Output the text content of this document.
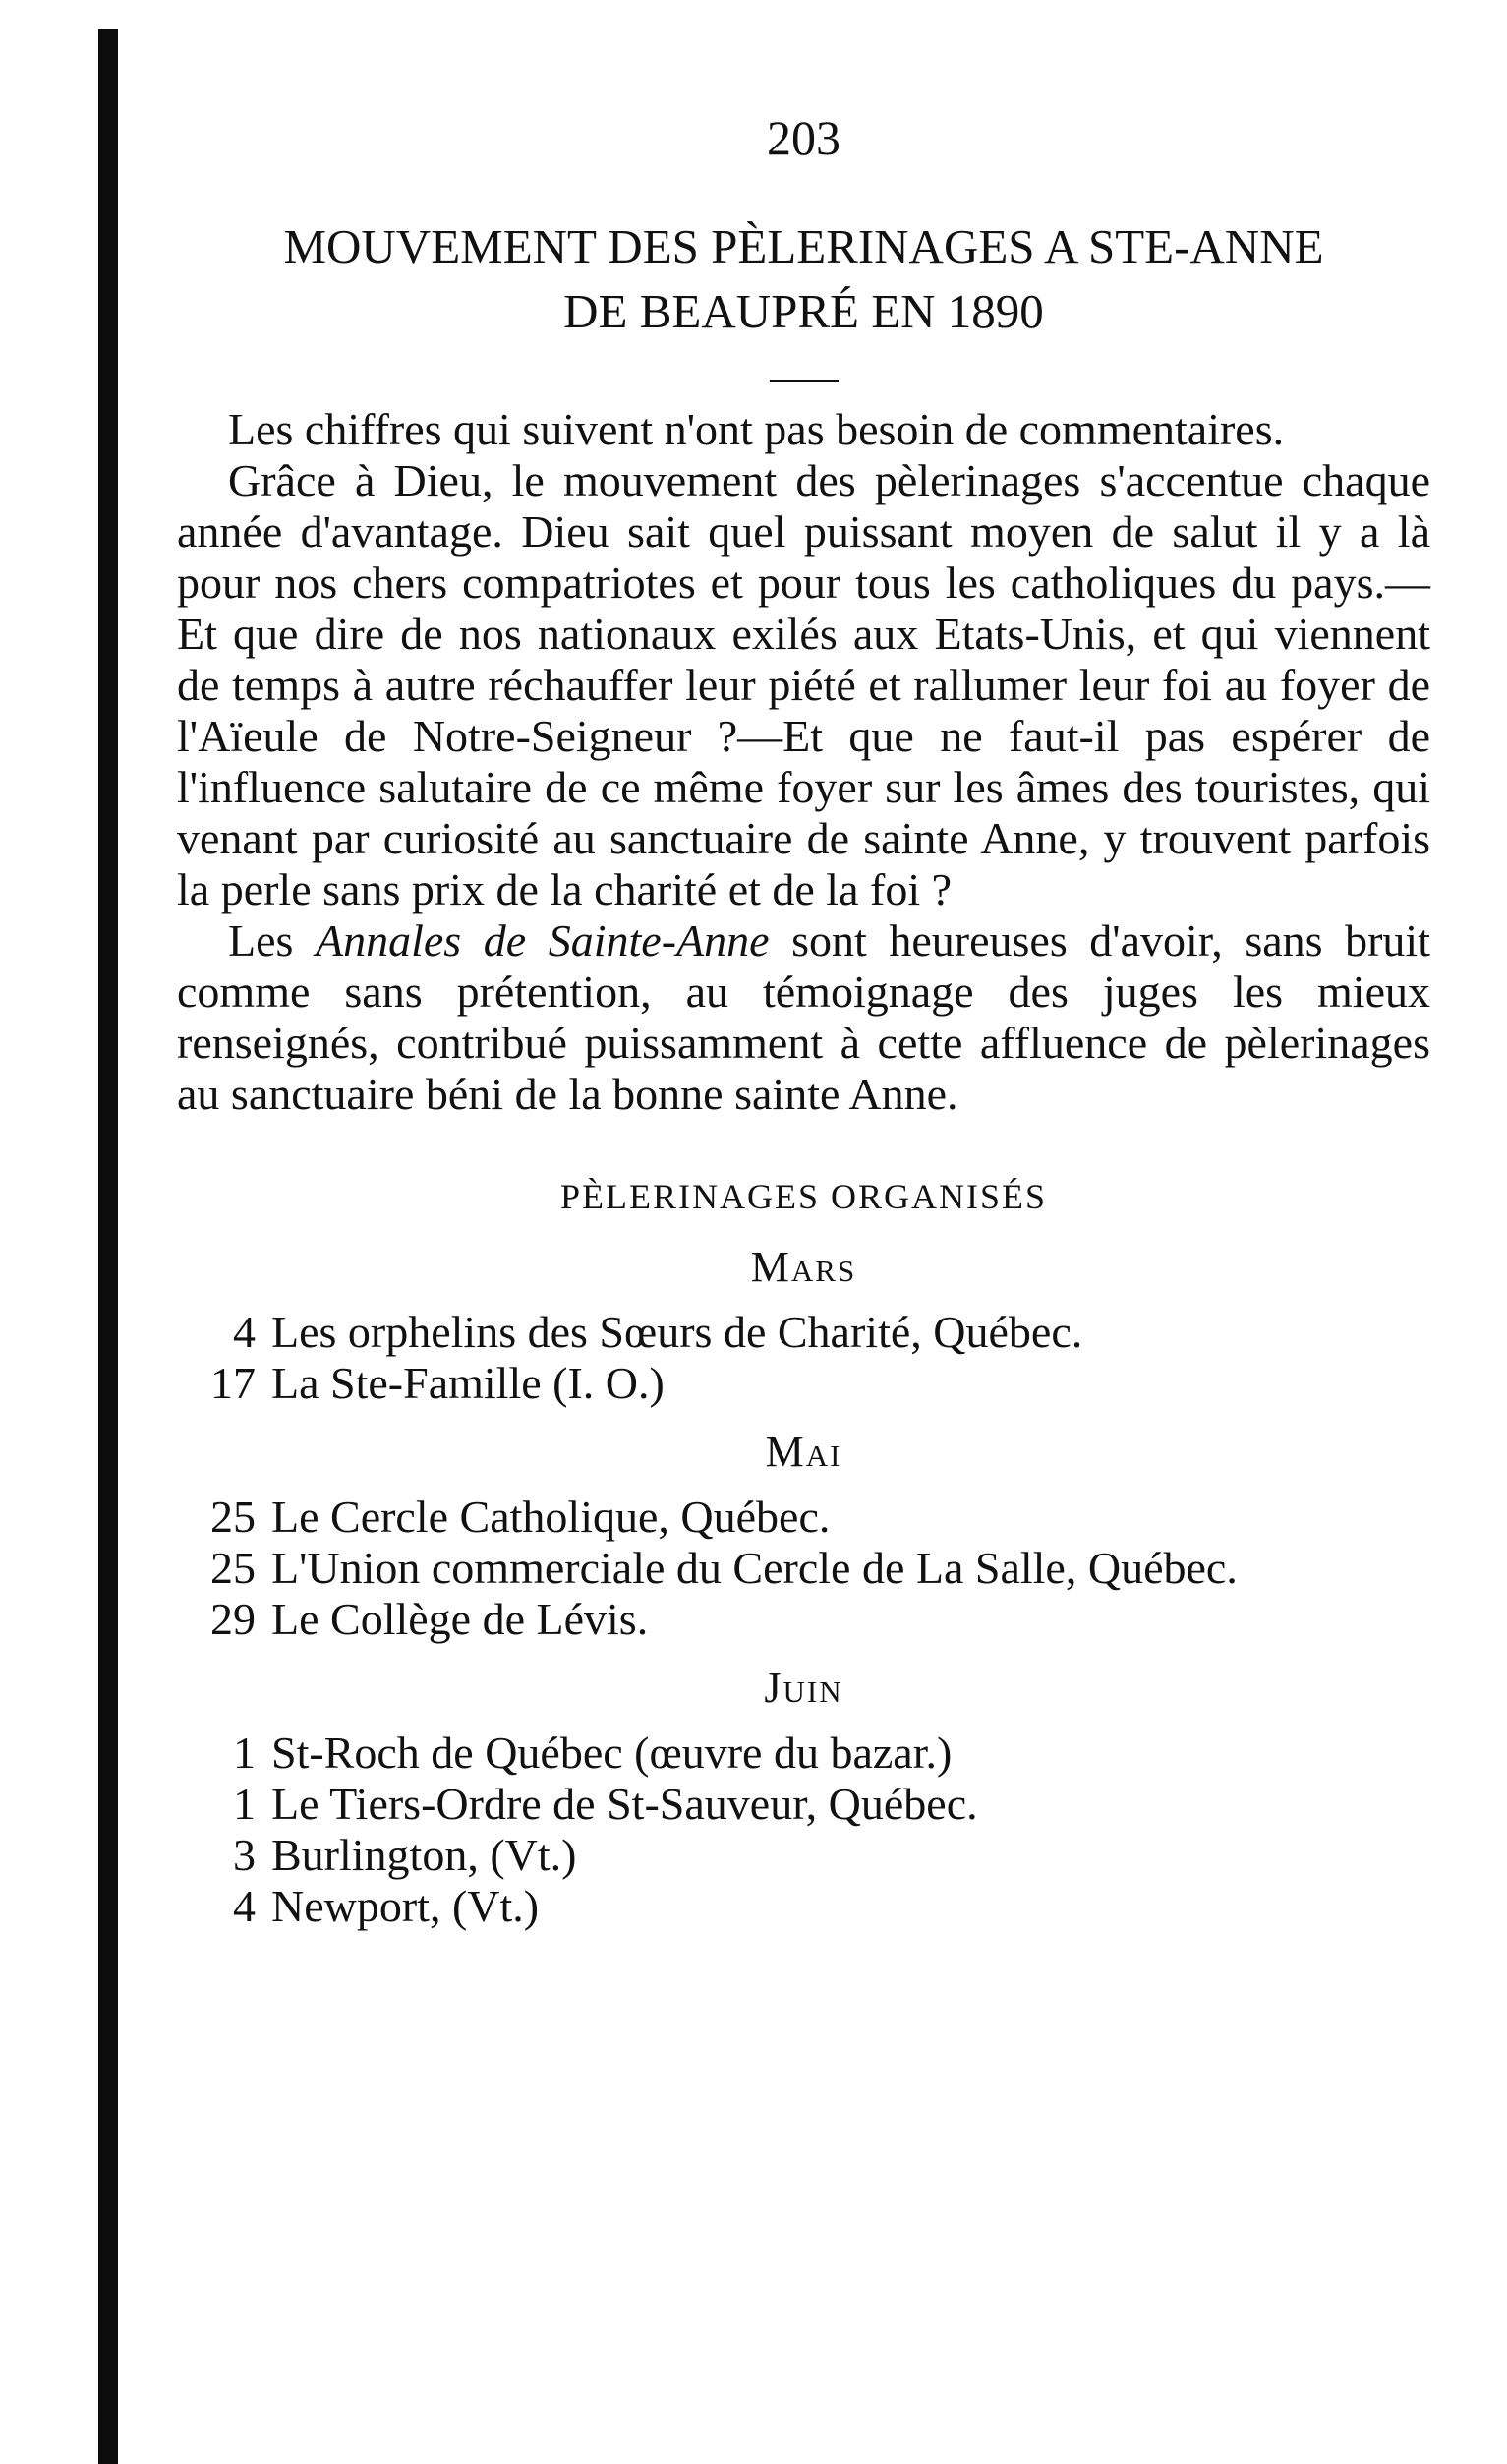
203
MOUVEMENT DES PÈLERINAGES A STE-ANNE
DE BEAUPRÉ EN 1890

Les chiffres qui suivent n'ont pas besoin de commentaires.

Grâce à Dieu, le mouvement des pèlerinages s'accentue chaque année d'avantage. Dieu sait quel puissant moyen de salut il y a là pour nos chers compatriotes et pour tous les catholiques du pays.—Et que dire de nos nationaux exilés aux Etats-Unis, et qui viennent de temps à autre réchauffer leur piété et rallumer leur foi au foyer de l'Aïeule de Notre-Seigneur ?—Et que ne faut-il pas espérer de l'influence salutaire de ce même foyer sur les âmes des touristes, qui venant par curiosité au sanctuaire de sainte Anne, y trouvent parfois la perle sans prix de la charité et de la foi ?

Les Annales de Sainte-Anne sont heureuses d'avoir, sans bruit comme sans prétention, au témoignage des juges les mieux renseignés, contribué puissamment à cette affluence de pèlerinages au sanctuaire béni de la bonne sainte Anne.

PÈLERINAGES ORGANISÉS
Mars
4 Les orphelins des Sœurs de Charité, Québec.
17 La Ste-Famille (I. O.)
Mai
25 Le Cercle Catholique, Québec.
25 L'Union commerciale du Cercle de La Salle, Québec.
29 Le Collège de Lévis.
Juin
1 St-Roch de Québec (œuvre du bazar.)
1 Le Tiers-Ordre de St-Sauveur, Québec.
3 Burlington, (Vt.)
4 Newport, (Vt.)
